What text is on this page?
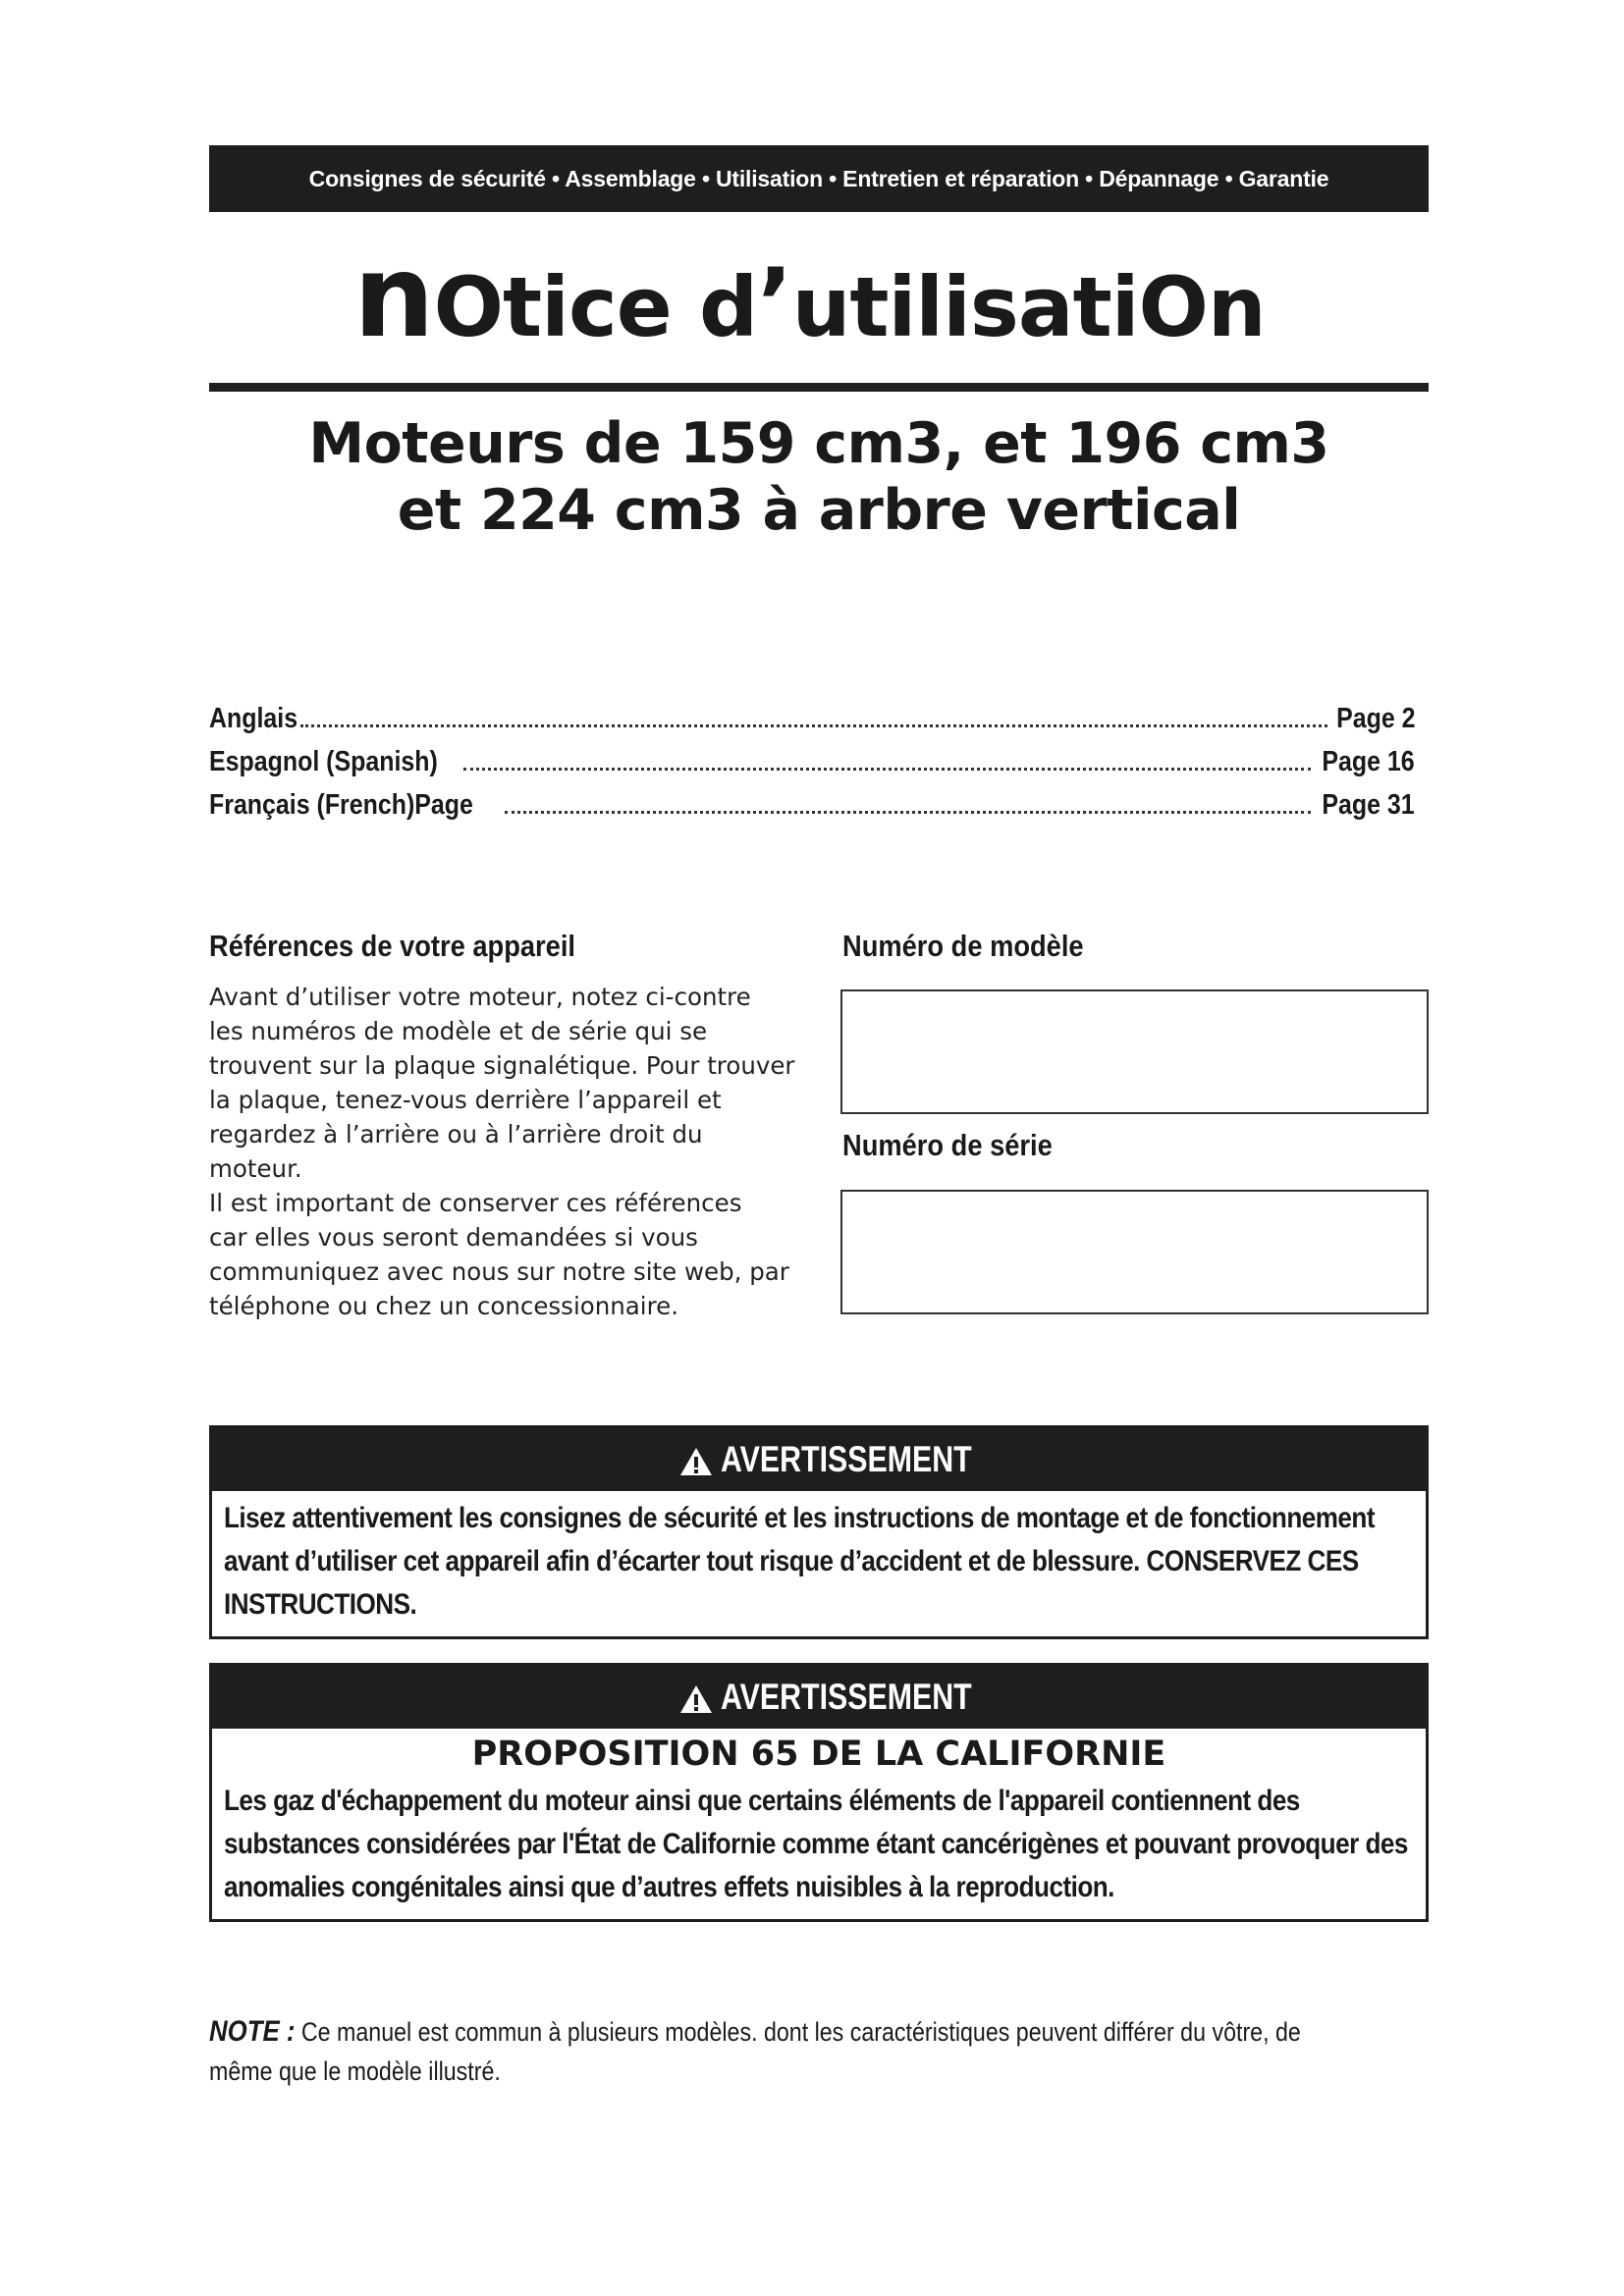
Consignes de sécurité • Assemblage • Utilisation • Entretien et réparation • Dépannage • Garantie
nOtice d’utilisatiOn
Moteurs de 159 cm3, et 196 cm3
et 224 cm3 à arbre vertical
Anglais	Page 2
Espagnol (Spanish)	Page 16
Français (French)Page	Page 31
Références de votre appareil
Avant d’utiliser votre moteur, notez ci-contre
les numéros de modèle et de série qui se
trouvent sur la plaque signalétique. Pour trouver
la plaque, tenez-vous derrière l’appareil et
regardez à l’arrière ou à l’arrière droit du moteur.
Il est important de conserver ces références
car elles vous seront demandées si vous
communiquez avec nous sur notre site web, par
téléphone ou chez un concessionnaire.
Numéro de modèle
Numéro de série
AVERTISSEMENT
Lisez attentivement les consignes de sécurité et les instructions de montage et de fonctionnement avant d’utiliser cet appareil afin d’écarter tout risque d’accident et de blessure. CONSERVEZ CES INSTRUCTIONS.
AVERTISSEMENT
PROPOSITION 65 DE LA CALIFORNIE
Les gaz d'échappement du moteur ainsi que certains éléments de l'appareil contiennent des substances considérées par l'État de Californie comme étant cancérigènes et pouvant provoquer des anomalies congénitales ainsi que d’autres effets nuisibles à la reproduction.
NOTE : Ce manuel est commun à plusieurs modèles. dont les caractéristiques peuvent différer du vôtre, de même que le modèle illustré.
